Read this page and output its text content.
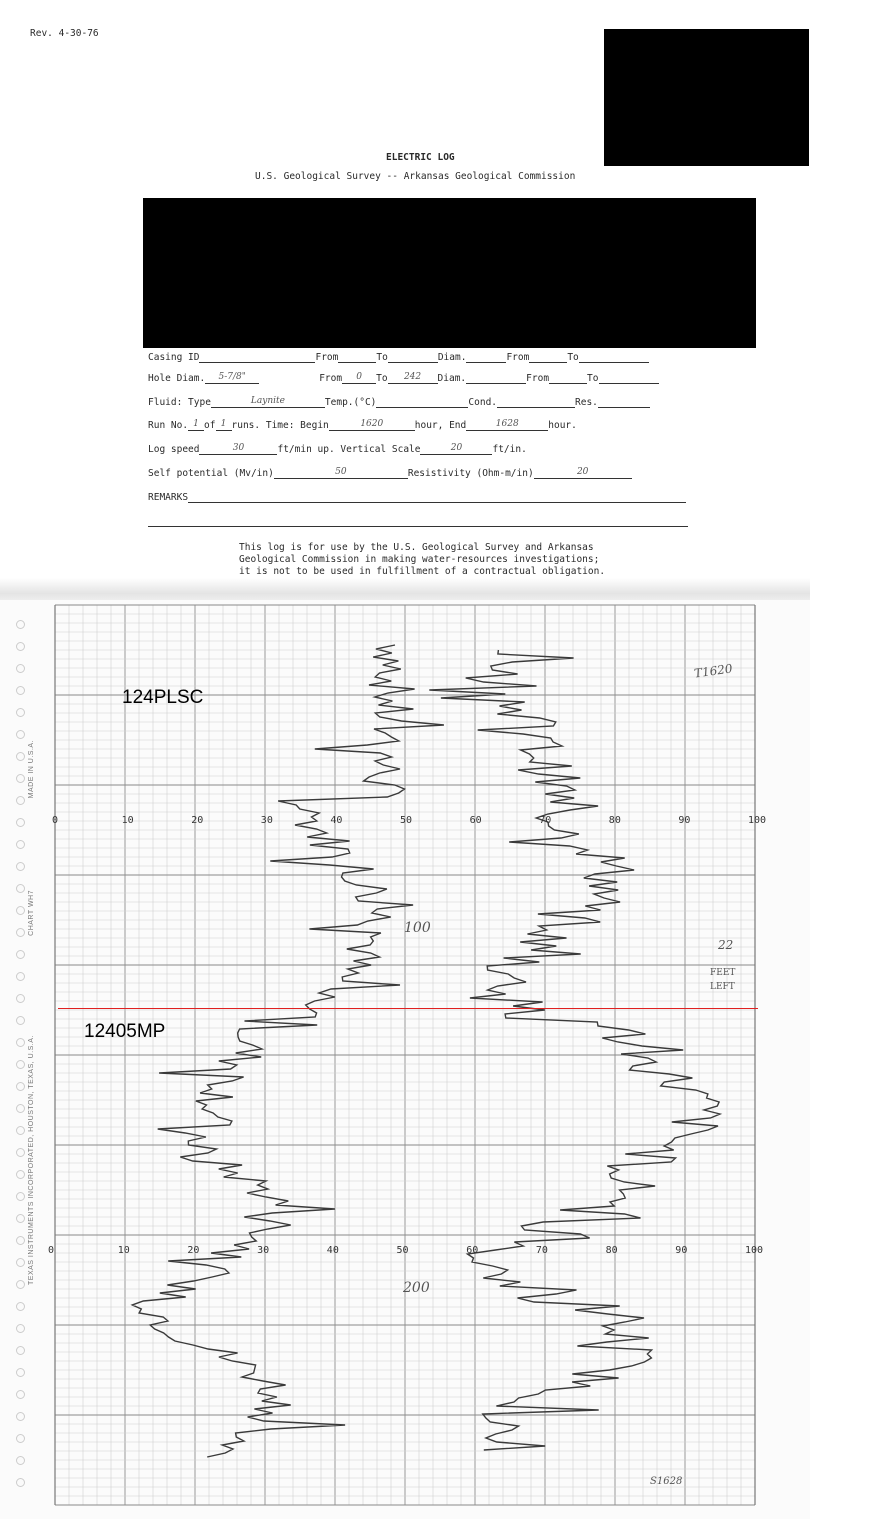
Rev. 4-30-76
ELECTRIC LOG
U.S. Geological Survey -- Arkansas Geological Commission
Casing ID	From	To	Diam.	From	To
Hole Diam.	5-7/8"	From	0	To	242	Diam.	From	To
Fluid: Type	Laynite	Temp.(°C)	Cond.	Res.
Run No. 1 of 1 runs. Time: Begin	1620	hour, End	1628	hour.
Log speed	30	ft/min up. Vertical Scale	20	ft/in.
Self potential (Mv/in)	50	Resistivity (Ohm-m/in)	20
REMARKS
This log is for use by the U.S. Geological Survey and Arkansas
Geological Commission in making water-resources investigations;
it is not to be used in fulfillment of a contractual obligation.
TEXAS INSTRUMENTS INCORPORATED, HOUSTON, TEXAS, U.S.A.
CHART WH7
MADE IN U.S.A.
0	10	20	30	40	50	60	70	80	90	100
0	10	20	30	40	50	60	70	80	90	100
100
200
T1620
22
FEET
LEFT
S1628
124PLSC
12405MP
